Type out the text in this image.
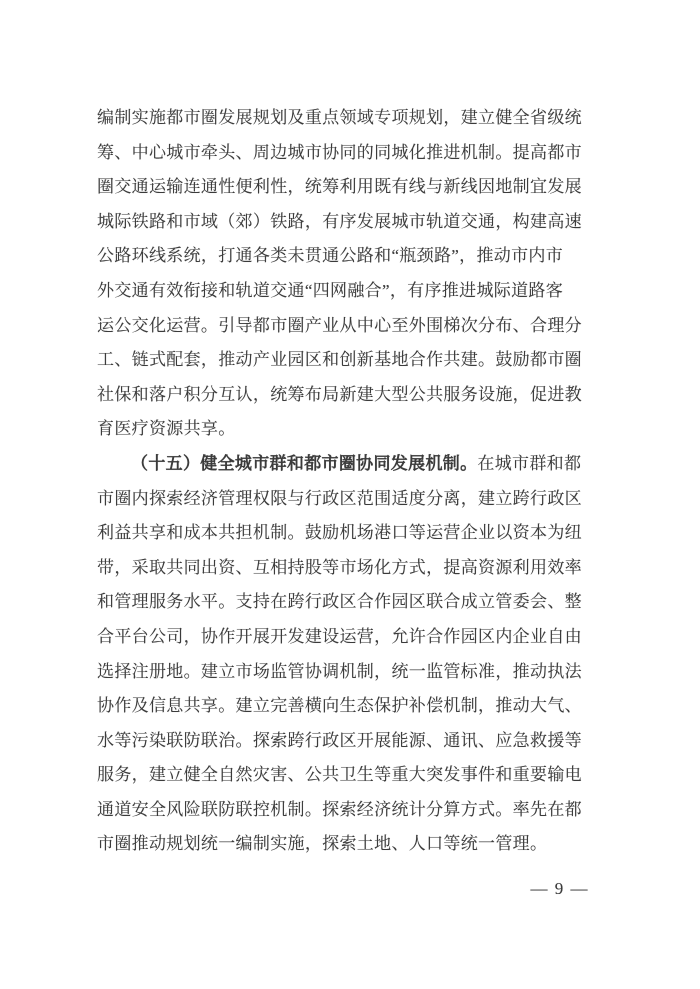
编制实施都市圈发展规划及重点领域专项规划，建立健全省级统
筹、中心城市牵头、周边城市协同的同城化推进机制。提高都市
圈交通运输连通性便利性，统筹利用既有线与新线因地制宜发展
城际铁路和市域（郊）铁路，有序发展城市轨道交通，构建高速
公路环线系统，打通各类未贯通公路和“瓶颈路”，推动市内市
外交通有效衔接和轨道交通“四网融合”，有序推进城际道路客
运公交化运营。引导都市圈产业从中心至外围梯次分布、合理分
工、链式配套，推动产业园区和创新基地合作共建。鼓励都市圈
社保和落户积分互认，统筹布局新建大型公共服务设施，促进教
育医疗资源共享。
（十五）健全城市群和都市圈协同发展机制。在城市群和都
市圈内探索经济管理权限与行政区范围适度分离，建立跨行政区
利益共享和成本共担机制。鼓励机场港口等运营企业以资本为纽
带，采取共同出资、互相持股等市场化方式，提高资源利用效率
和管理服务水平。支持在跨行政区合作园区联合成立管委会、整
合平台公司，协作开展开发建设运营，允许合作园区内企业自由
选择注册地。建立市场监管协调机制，统一监管标准，推动执法
协作及信息共享。建立完善横向生态保护补偿机制，推动大气、
水等污染联防联治。探索跨行政区开展能源、通讯、应急救援等
服务，建立健全自然灾害、公共卫生等重大突发事件和重要输电
通道安全风险联防联控机制。探索经济统计分算方式。率先在都
市圈推动规划统一编制实施，探索土地、人口等统一管理。
— 9 —
